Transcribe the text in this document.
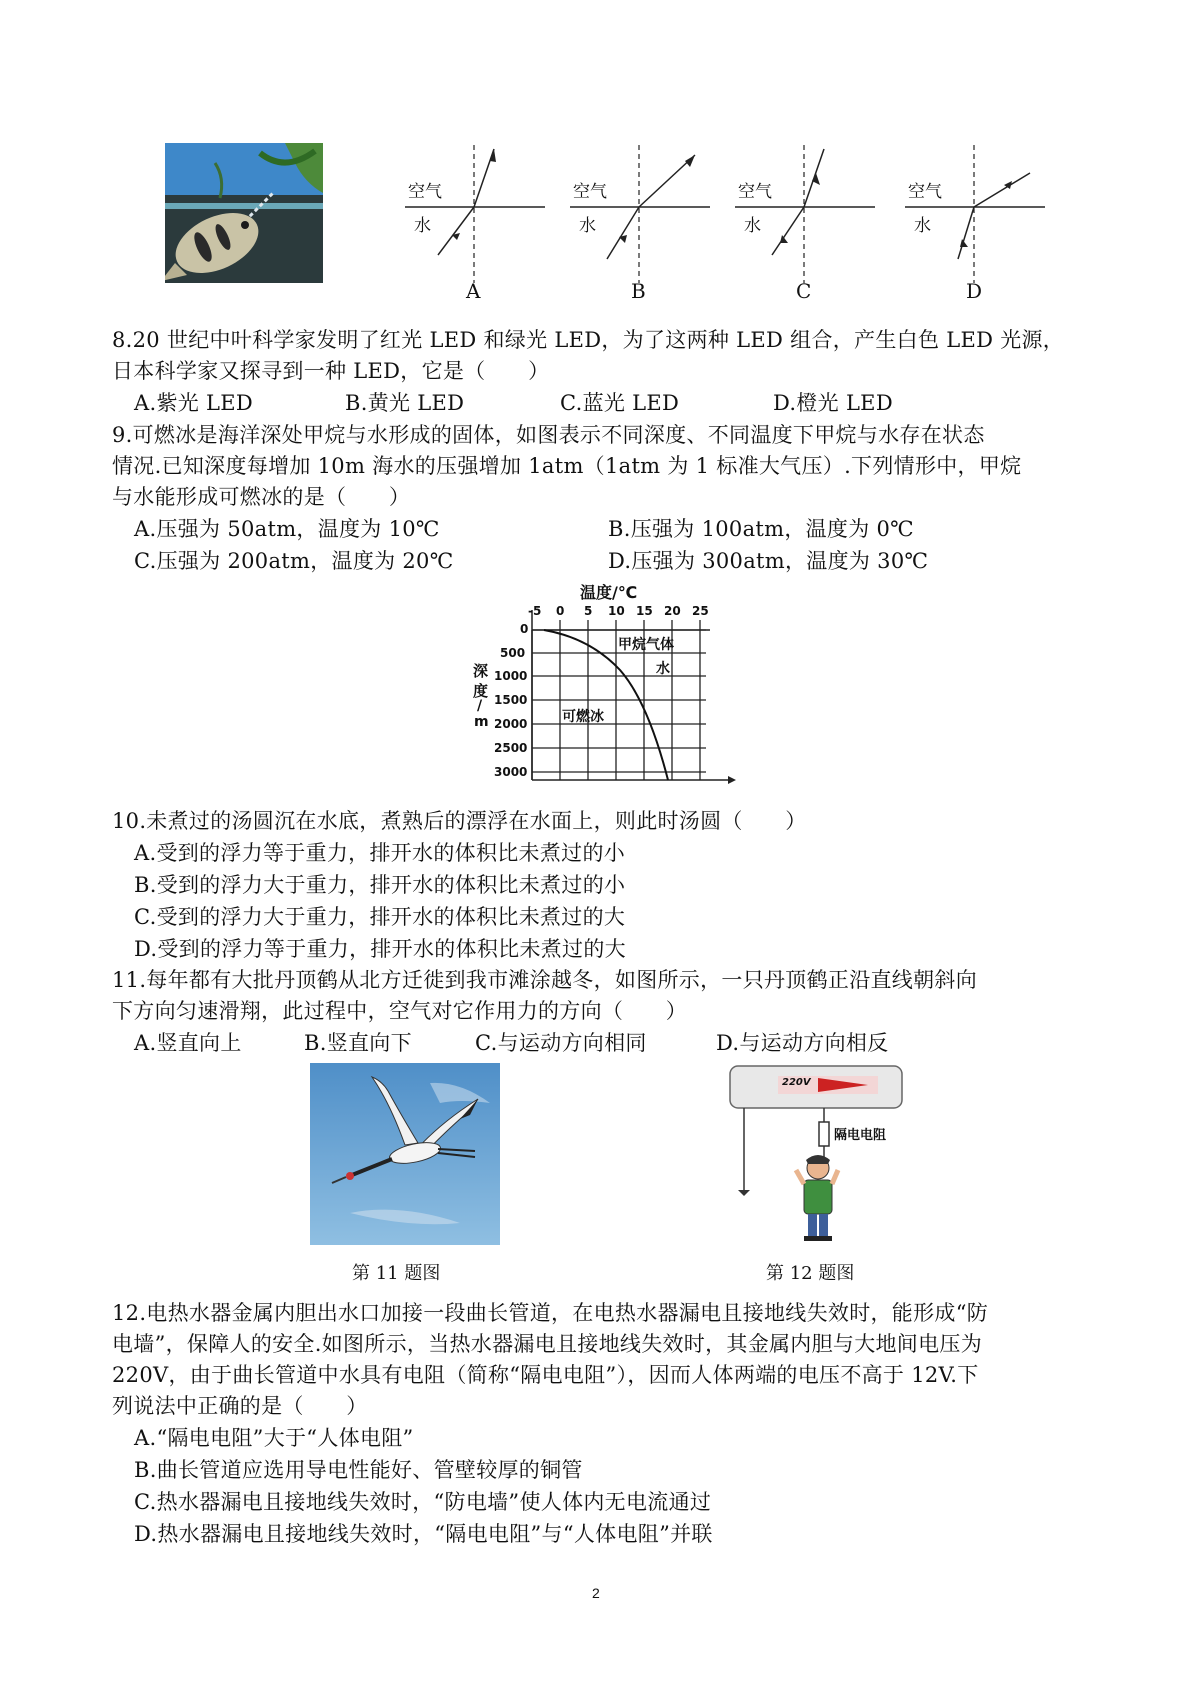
空气
水
A
空气
水
B
空气
水
C
空气
水
D
8.20 世纪中叶科学家发明了红光 LED 和绿光 LED，为了这两种 LED 组合，产生白色 LED 光源，
日本科学家又探寻到一种 LED，它是（　　）
A.紫光 LED	B.黄光 LED	C.蓝光 LED	D.橙光 LED
9.可燃冰是海洋深处甲烷与水形成的固体，如图表示不同深度、不同温度下甲烷与水存在状态
情况.已知深度每增加 10m 海水的压强增加 1atm（1atm 为 1 标准大气压）.下列情形中，甲烷
与水能形成可燃冰的是（　　）
A.压强为 50atm，温度为 10℃	B.压强为 100atm，温度为 0℃
C.压强为 200atm，温度为 20℃	D.压强为 300atm，温度为 30℃
温度/℃
-5 0 5 10 15 20 25
0
500
1000
1500
2000
2500
3000
深
度
/
m
甲烷气体
水
可燃冰
10.未煮过的汤圆沉在水底，煮熟后的漂浮在水面上，则此时汤圆（　　）
A.受到的浮力等于重力，排开水的体积比未煮过的小
B.受到的浮力大于重力，排开水的体积比未煮过的小
C.受到的浮力大于重力，排开水的体积比未煮过的大
D.受到的浮力等于重力，排开水的体积比未煮过的大
11.每年都有大批丹顶鹤从北方迁徙到我市滩涂越冬，如图所示，一只丹顶鹤正沿直线朝斜向
下方向匀速滑翔，此过程中，空气对它作用力的方向（　　）
A.竖直向上	B.竖直向下	C.与运动方向相同	D.与运动方向相反
第 11 题图
220V
隔电电阻
第 12 题图
12.电热水器金属内胆出水口加接一段曲长管道，在电热水器漏电且接地线失效时，能形成“防
电墙”，保障人的安全.如图所示，当热水器漏电且接地线失效时，其金属内胆与大地间电压为
220V，由于曲长管道中水具有电阻（简称“隔电电阻”），因而人体两端的电压不高于 12V.下
列说法中正确的是（　　）
A.“隔电电阻”大于“人体电阻”
B.曲长管道应选用导电性能好、管壁较厚的铜管
C.热水器漏电且接地线失效时，“防电墙”使人体内无电流通过
D.热水器漏电且接地线失效时，“隔电电阻”与“人体电阻”并联
2
